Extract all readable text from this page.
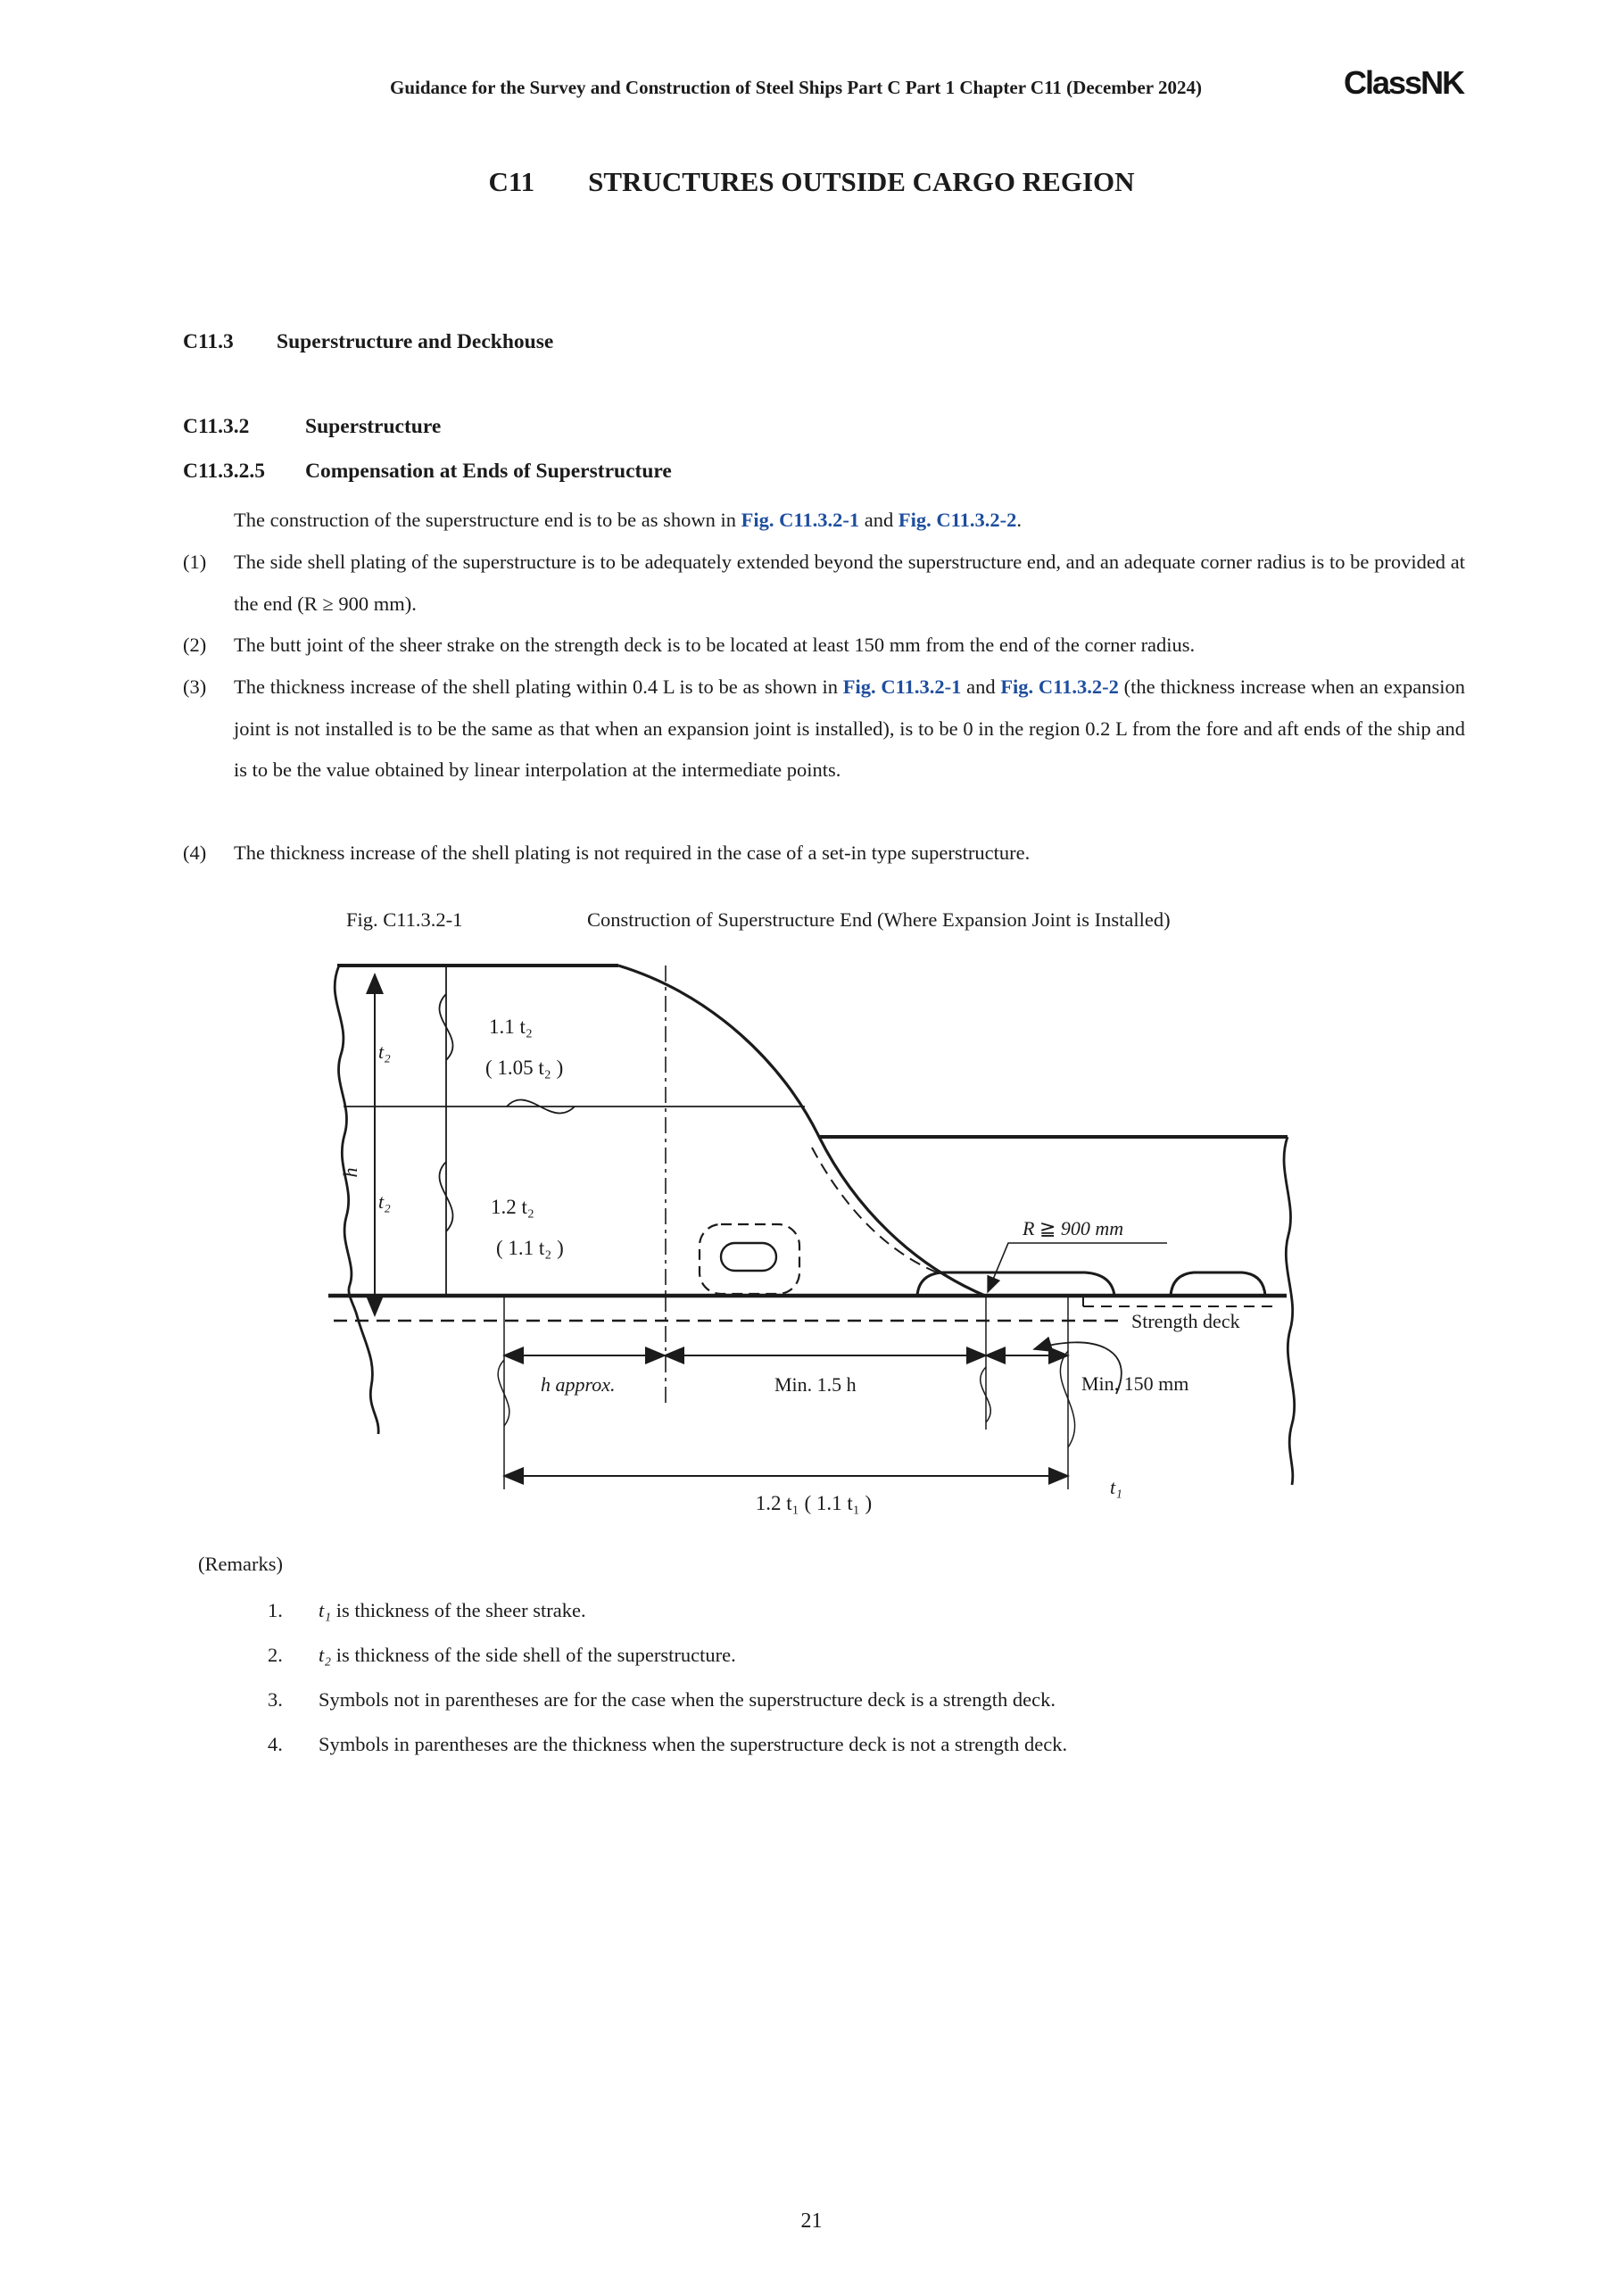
Guidance for the Survey and Construction of Steel Ships Part C Part 1 Chapter C11 (December 2024)	ClassNK
C11 STRUCTURES OUTSIDE CARGO REGION
C11.3 Superstructure and Deckhouse
C11.3.2	Superstructure
C11.3.2.5 Compensation at Ends of Superstructure
The construction of the superstructure end is to be as shown in Fig. C11.3.2-1 and Fig. C11.3.2-2.
(1) The side shell plating of the superstructure is to be adequately extended beyond the superstructure end, and an adequate corner radius is to be provided at the end (R ≥ 900 mm).
(2) The butt joint of the sheer strake on the strength deck is to be located at least 150 mm from the end of the corner radius.
(3) The thickness increase of the shell plating within 0.4 L is to be as shown in Fig. C11.3.2-1 and Fig. C11.3.2-2 (the thickness increase when an expansion joint is not installed is to be the same as that when an expansion joint is installed), is to be 0 in the region 0.2 L from the fore and aft ends of the ship and is to be the value obtained by linear interpolation at the intermediate points.
(4) The thickness increase of the shell plating is not required in the case of a set-in type superstructure.
Fig. C11.3.2-1	Construction of Superstructure End (Where Expansion Joint is Installed)
t₂
h
t₂
1.1 t₂
( 1.05 t₂ )
1.2 t₂
( 1.1 t₂ )
R ≧ 900 mm
Strength deck
h approx.	Min. 1.5 h	Min. 150 mm
1.2 t₁ ( 1.1 t₁ )
t₁
(Remarks)
1. t₁ is thickness of the sheer strake.
2. t₂ is thickness of the side shell of the superstructure.
3. Symbols not in parentheses are for the case when the superstructure deck is a strength deck.
4. Symbols in parentheses are the thickness when the superstructure deck is not a strength deck.
21
